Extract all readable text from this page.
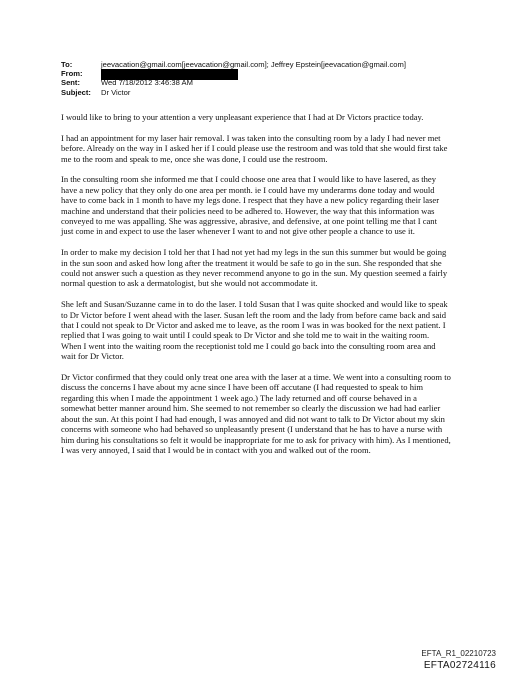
To:	jeevacation@gmail.com[jeevacation@gmail.com]; Jeffrey Epstein[jeevacation@gmail.com]
From:
Sent:	Wed 7/18/2012 3:46:38 AM
Subject:	Dr Victor

I would like to bring to your attention a very unpleasant experience that I had at Dr Victors practice today.

I had an appointment for my laser hair removal. I was taken into the consulting room by a lady I had never met before. Already on the way in I asked her if I could please use the restroom and was told that she would first take me to the room and speak to me, once she was done, I could use the restroom.

In the consulting room she informed me that I could choose one area that I would like to have lasered, as they have a new policy that they only do one area per month. ie I could have my underarms done today and would have to come back in 1 month to have my legs done. I respect that they have a new policy regarding their laser machine and understand that their policies need to be adhered to. However, the way that this information was conveyed to me was appalling. She was aggressive, abrasive, and defensive, at one point telling me that I cant just come in and expect to use the laser whenever I want to and not give other people a chance to use it.

In order to make my decision I told her that I had not yet had my legs in the sun this summer but would be going in the sun soon and asked how long after the treatment it would be safe to go in the sun. She responded that she could not answer such a question as they never recommend anyone to go in the sun. My question seemed a fairly normal question to ask a dermatologist, but she would not accommodate it.

She left and Susan/Suzanne came in to do the laser. I told Susan that I was quite shocked and would like to speak to Dr Victor before I went ahead with the laser. Susan left the room and the lady from before came back and said that I could not speak to Dr Victor and asked me to leave, as the room I was in was booked for the next patient. I replied that I was going to wait until I could speak to Dr Victor and she told me to wait in the waiting room. When I went into the waiting room the receptionist told me I could go back into the consulting room area and wait for Dr Victor.

Dr Victor confirmed that they could only treat one area with the laser at a time. We went into a consulting room to discuss the concerns I have about my acne since I have been off accutane (I had requested to speak to him regarding this when I made the appointment 1 week ago.) The lady returned and off course behaved in a somewhat better manner around him. She seemed to not remember so clearly the discussion we had had earlier about the sun. At this point I had had enough, I was annoyed and did not want to talk to Dr Victor about my skin concerns with someone who had behaved so unpleasantly present (I understand that he has to have a nurse with him during his consultations so felt it would be inappropriate for me to ask for privacy with him). As I mentioned, I was very annoyed, I said that I would be in contact with you and walked out of the room.

EFTA_R1_02210723
EFTA02724116
